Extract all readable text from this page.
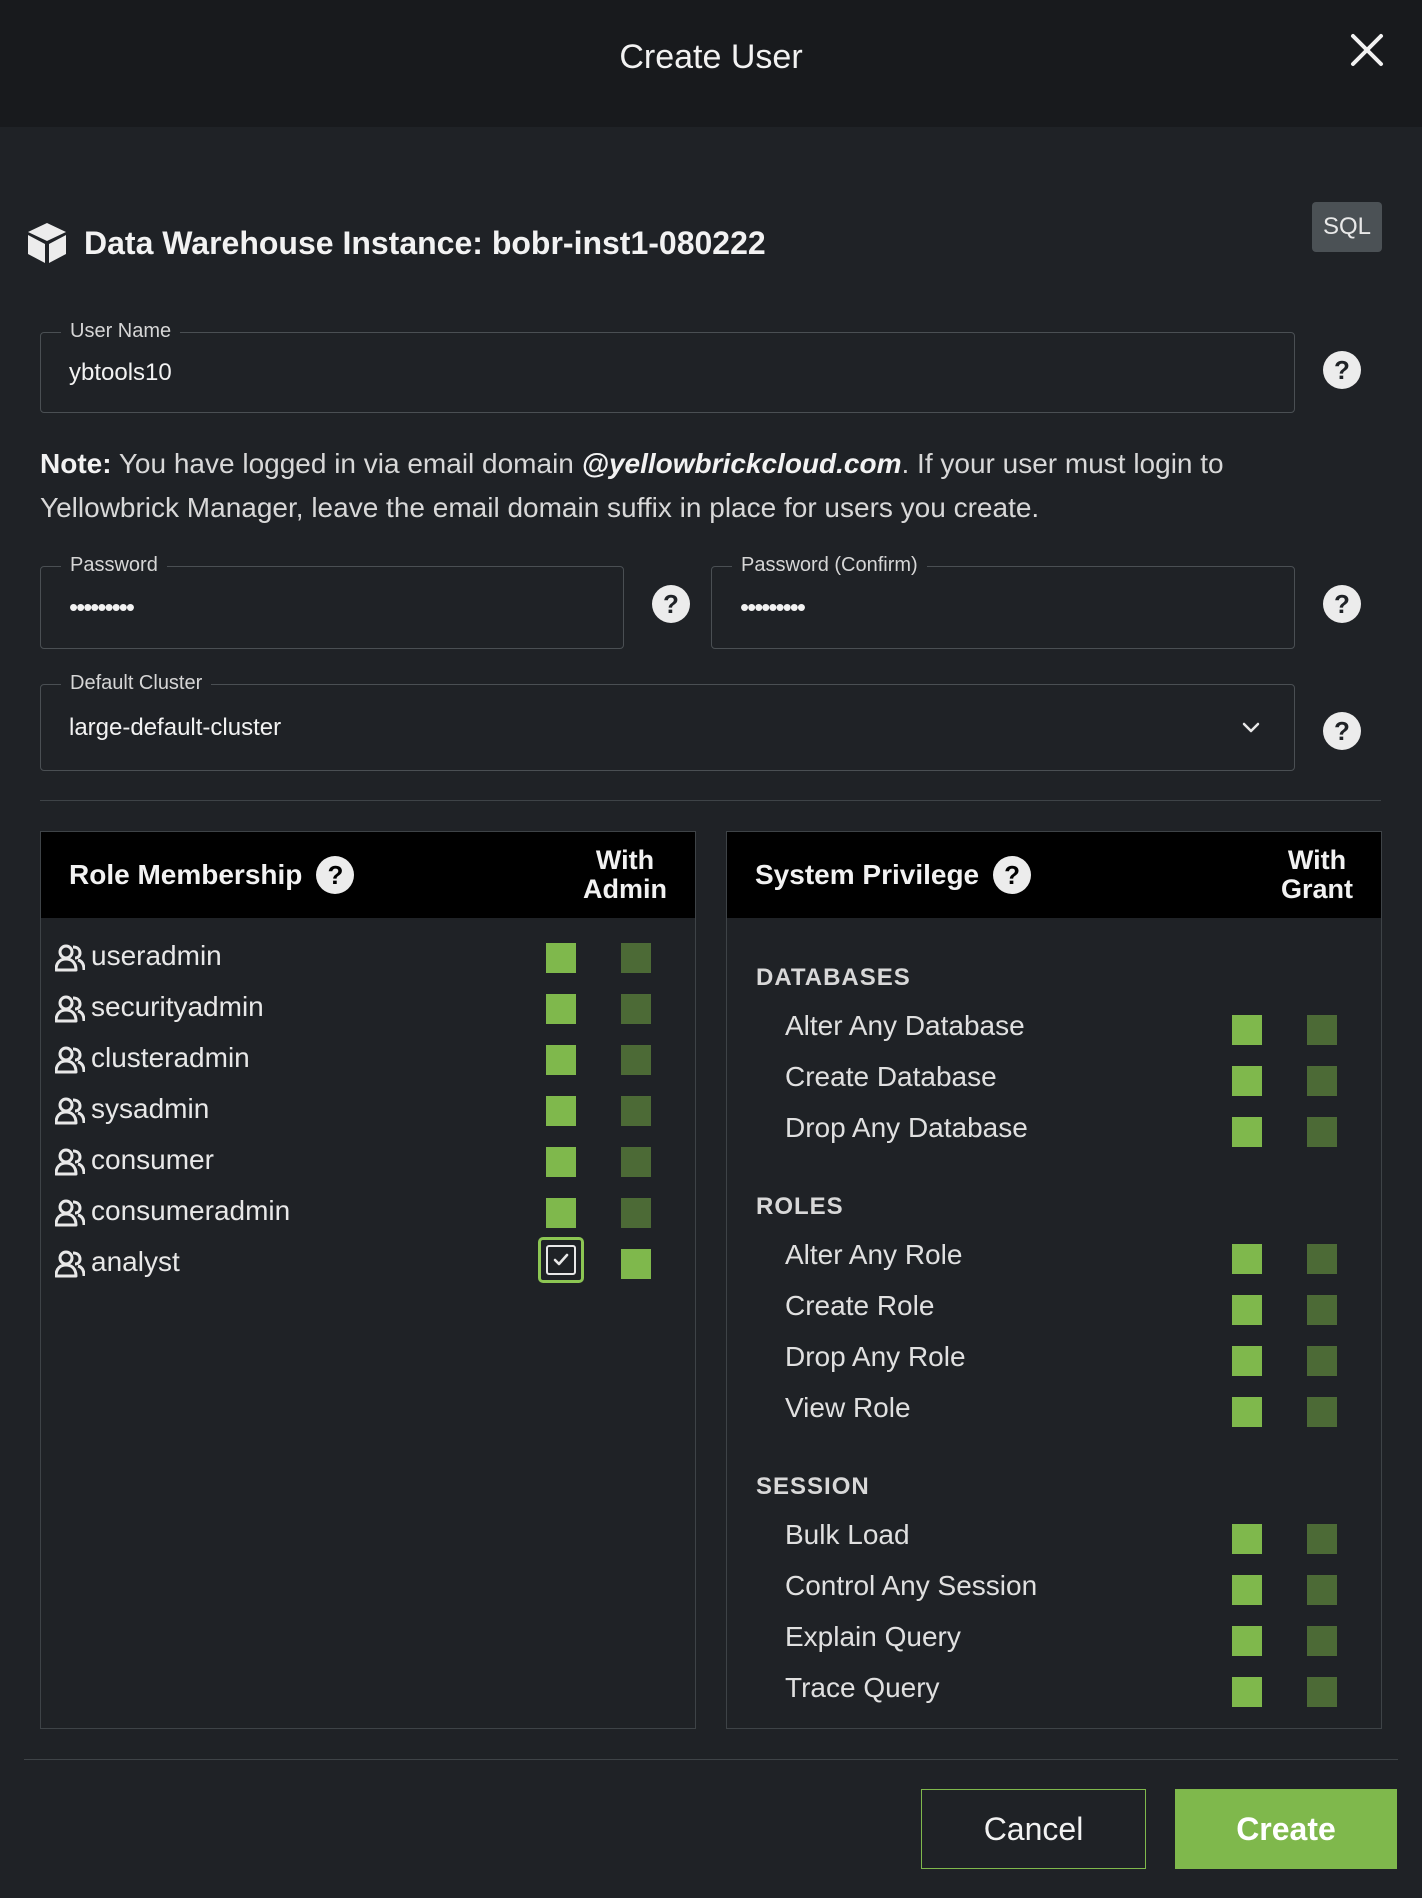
Create User
Data Warehouse Instance: bobr-inst1-080222	SQL
User Name
ybtools10	?
Note: You have logged in via email domain @yellowbrickcloud.com. If your user must login to Yellowbrick Manager, leave the email domain suffix in place for users you create.
Password
•••••••••	?
Password (Confirm)
•••••••••	?
Default Cluster
large-default-cluster	?
Role Membership ?	With
Admin
useradmin
securityadmin
clusteradmin
sysadmin
consumer
consumeradmin
analyst
System Privilege ?	With
Grant
DATABASES
Alter Any Database
Create Database
Drop Any Database
ROLES
Alter Any Role
Create Role
Drop Any Role
View Role
SESSION
Bulk Load
Control Any Session
Explain Query
Trace Query
Cancel	Create
